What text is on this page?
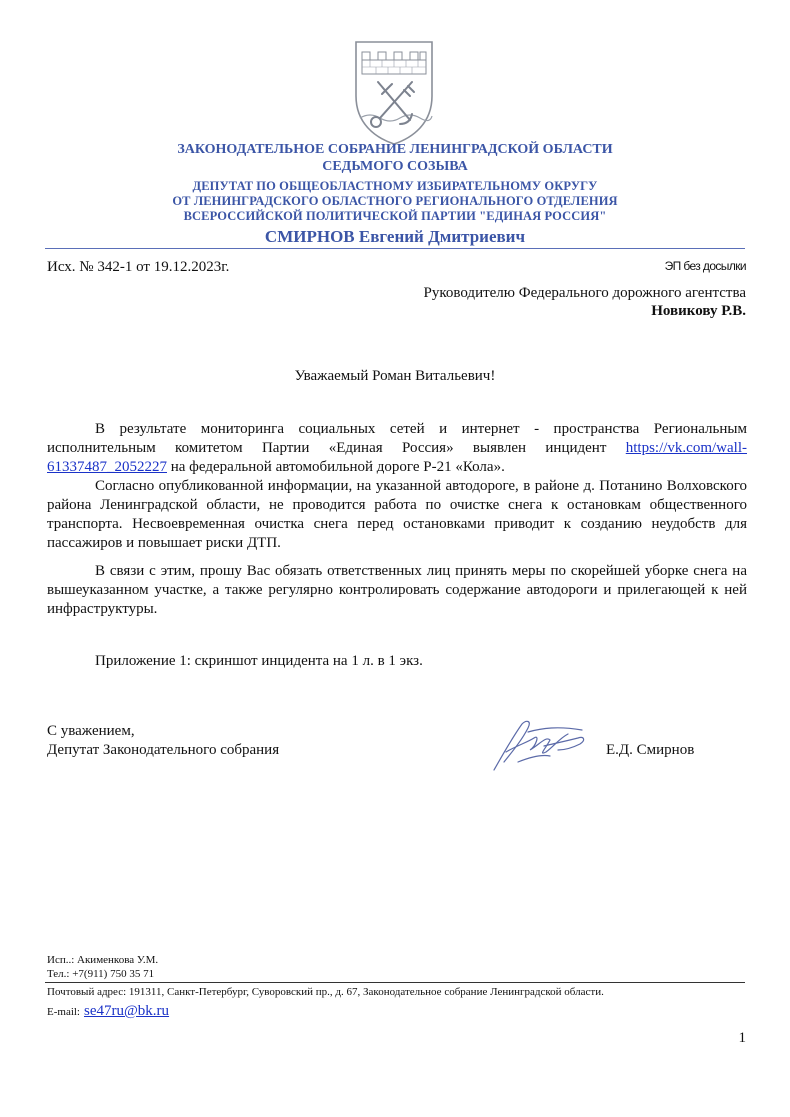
ЗАКОНОДАТЕЛЬНОЕ СОБРАНИЕ ЛЕНИНГРАДСКОЙ ОБЛАСТИ
СЕДЬМОГО СОЗЫВА
ДЕПУТАТ ПО ОБЩЕОБЛАСТНОМУ ИЗБИРАТЕЛЬНОМУ ОКРУГУ
ОТ ЛЕНИНГРАДСКОГО ОБЛАСТНОГО РЕГИОНАЛЬНОГО ОТДЕЛЕНИЯ
ВСЕРОССИЙСКОЙ ПОЛИТИЧЕСКОЙ ПАРТИИ "ЕДИНАЯ РОССИЯ"
СМИРНОВ Евгений Дмитриевич
Исх. № 342-1 от 19.12.2023г.	ЭП без досылки
Руководителю Федерального дорожного агентства
Новикову Р.В.
Уважаемый Роман Витальевич!

В результате мониторинга социальных сетей и интернет - пространства Региональным исполнительным комитетом Партии «Единая Россия» выявлен инцидент https://vk.com/wall-61337487_2052227 на федеральной автомобильной дороге Р-21 «Кола».

Согласно опубликованной информации, на указанной автодороге, в районе д. Потанино Волховского района Ленинградской области, не проводится работа по очистке снега к остановкам общественного транспорта. Несвоевременная очистка снега перед остановками приводит к созданию неудобств для пассажиров и повышает риски ДТП.

В связи с этим, прошу Вас обязать ответственных лиц принять меры по скорейшей уборке снега на вышеуказанном участке, а также регулярно контролировать содержание автодороги и прилегающей к ней инфраструктуры.

Приложение 1: скриншот инцидента на 1 л. в 1 экз.

С уважением,
Депутат Законодательного собрания	Е.Д. Смирнов
Исп..: Акименкова У.М.
Тел.: +7(911) 750 35 71
Почтовый адрес: 191311, Санкт-Петербург, Суворовский пр., д. 67, Законодательное собрание Ленинградской области.
E-mail: se47ru@bk.ru
1
